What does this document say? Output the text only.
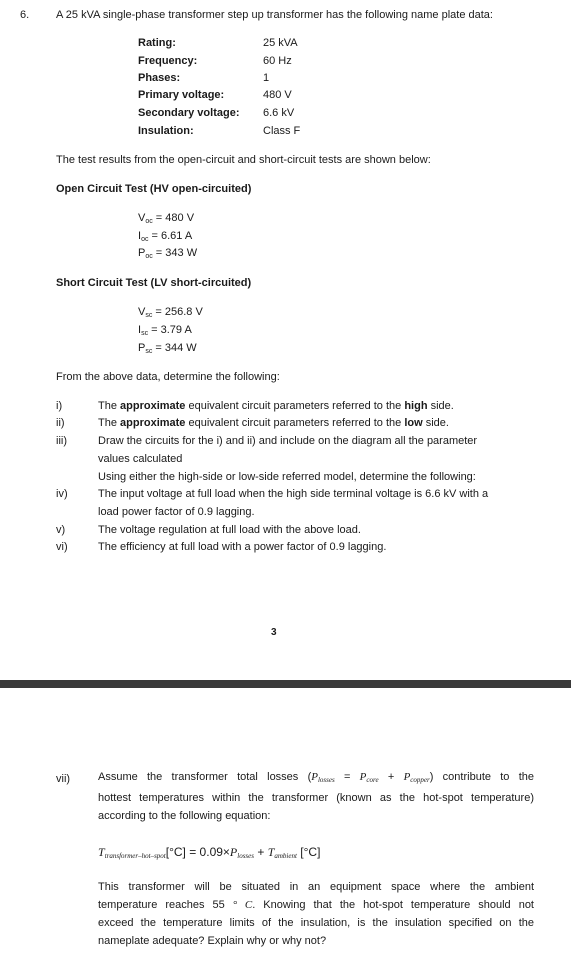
6. A 25 kVA single-phase transformer step up transformer has the following name plate data:
Rating:	25 kVA
Frequency:	60 Hz
Phases:	1
Primary voltage:	480 V
Secondary voltage: 6.6 kV
Insulation:	Class F
The test results from the open-circuit and short-circuit tests are shown below:
Open Circuit Test (HV open-circuited)
$V_{oc} = 480$ V
$I_{oc} = 6.61$ A
$P_{oc} = 343$ W
Short Circuit Test (LV short-circuited)
$V_{sc} = 256.8$ V
$I_{sc} = 3.79$ A
$P_{sc} = 344$ W
From the above data, determine the following:
i)	The approximate equivalent circuit parameters referred to the high side.
ii)	The approximate equivalent circuit parameters referred to the low side.
iii)	Draw the circuits for the i) and ii) and include on the diagram all the parameter
values calculated
Using either the high-side or low-side referred model, determine the following:
iv)	The input voltage at full load when the high side terminal voltage is 6.6 kV with a
load power factor of 0.9 lagging.
v)	The voltage regulation at full load with the above load.
vi)	The efficiency at full load with a power factor of 0.9 lagging.
3
vii)	Assume the transformer total losses $(P_{losses} = P_{core} + P_{copper})$ contribute to the
hottest temperatures within the transformer (known as the hot-spot temperature)
according to the following equation:
$T_{transformer-hot-spot}[^\circ C] = 0.09\times P_{losses} + T_{ambient}$ [°C]
This transformer will be situated in an equipment space where the ambient
temperature reaches 55 ° C. Knowing that the hot-spot temperature should not
exceed the temperature limits of the insulation, is the insulation specified on the
nameplate adequate? Explain why or why not?
